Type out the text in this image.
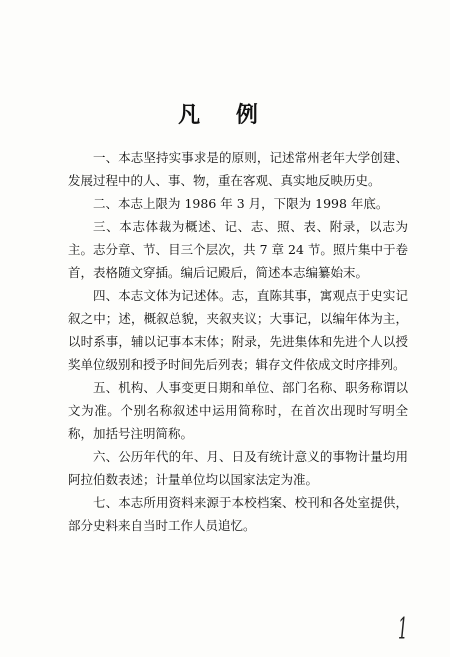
凡 例

一、本志坚持实事求是的原则，记述常州老年大学创建、发展过程中的人、事、物，重在客观、真实地反映历史。

二、本志上限为 1986 年 3 月，下限为 1998 年底。

三、本志体裁为概述、记、志、照、表、附录，以志为主。志分章、节、目三个层次，共 7 章 24 节。照片集中于卷首，表格随文穿插。编后记殿后，简述本志编纂始末。

四、本志文体为记述体。志，直陈其事，寓观点于史实记叙之中；述，概叙总貌，夹叙夹议；大事记，以编年体为主，以时系事，辅以记事本末体；附录，先进集体和先进个人以授奖单位级别和授予时间先后列表；辑存文件依成文时序排列。

五、机构、人事变更日期和单位、部门名称、职务称谓以文为准。个别名称叙述中运用简称时，在首次出现时写明全称，加括号注明简称。

六、公历年代的年、月、日及有统计意义的事物计量均用阿拉伯数表述；计量单位均以国家法定为准。

七、本志所用资料来源于本校档案、校刊和各处室提供，部分史料来自当时工作人员追忆。

1
